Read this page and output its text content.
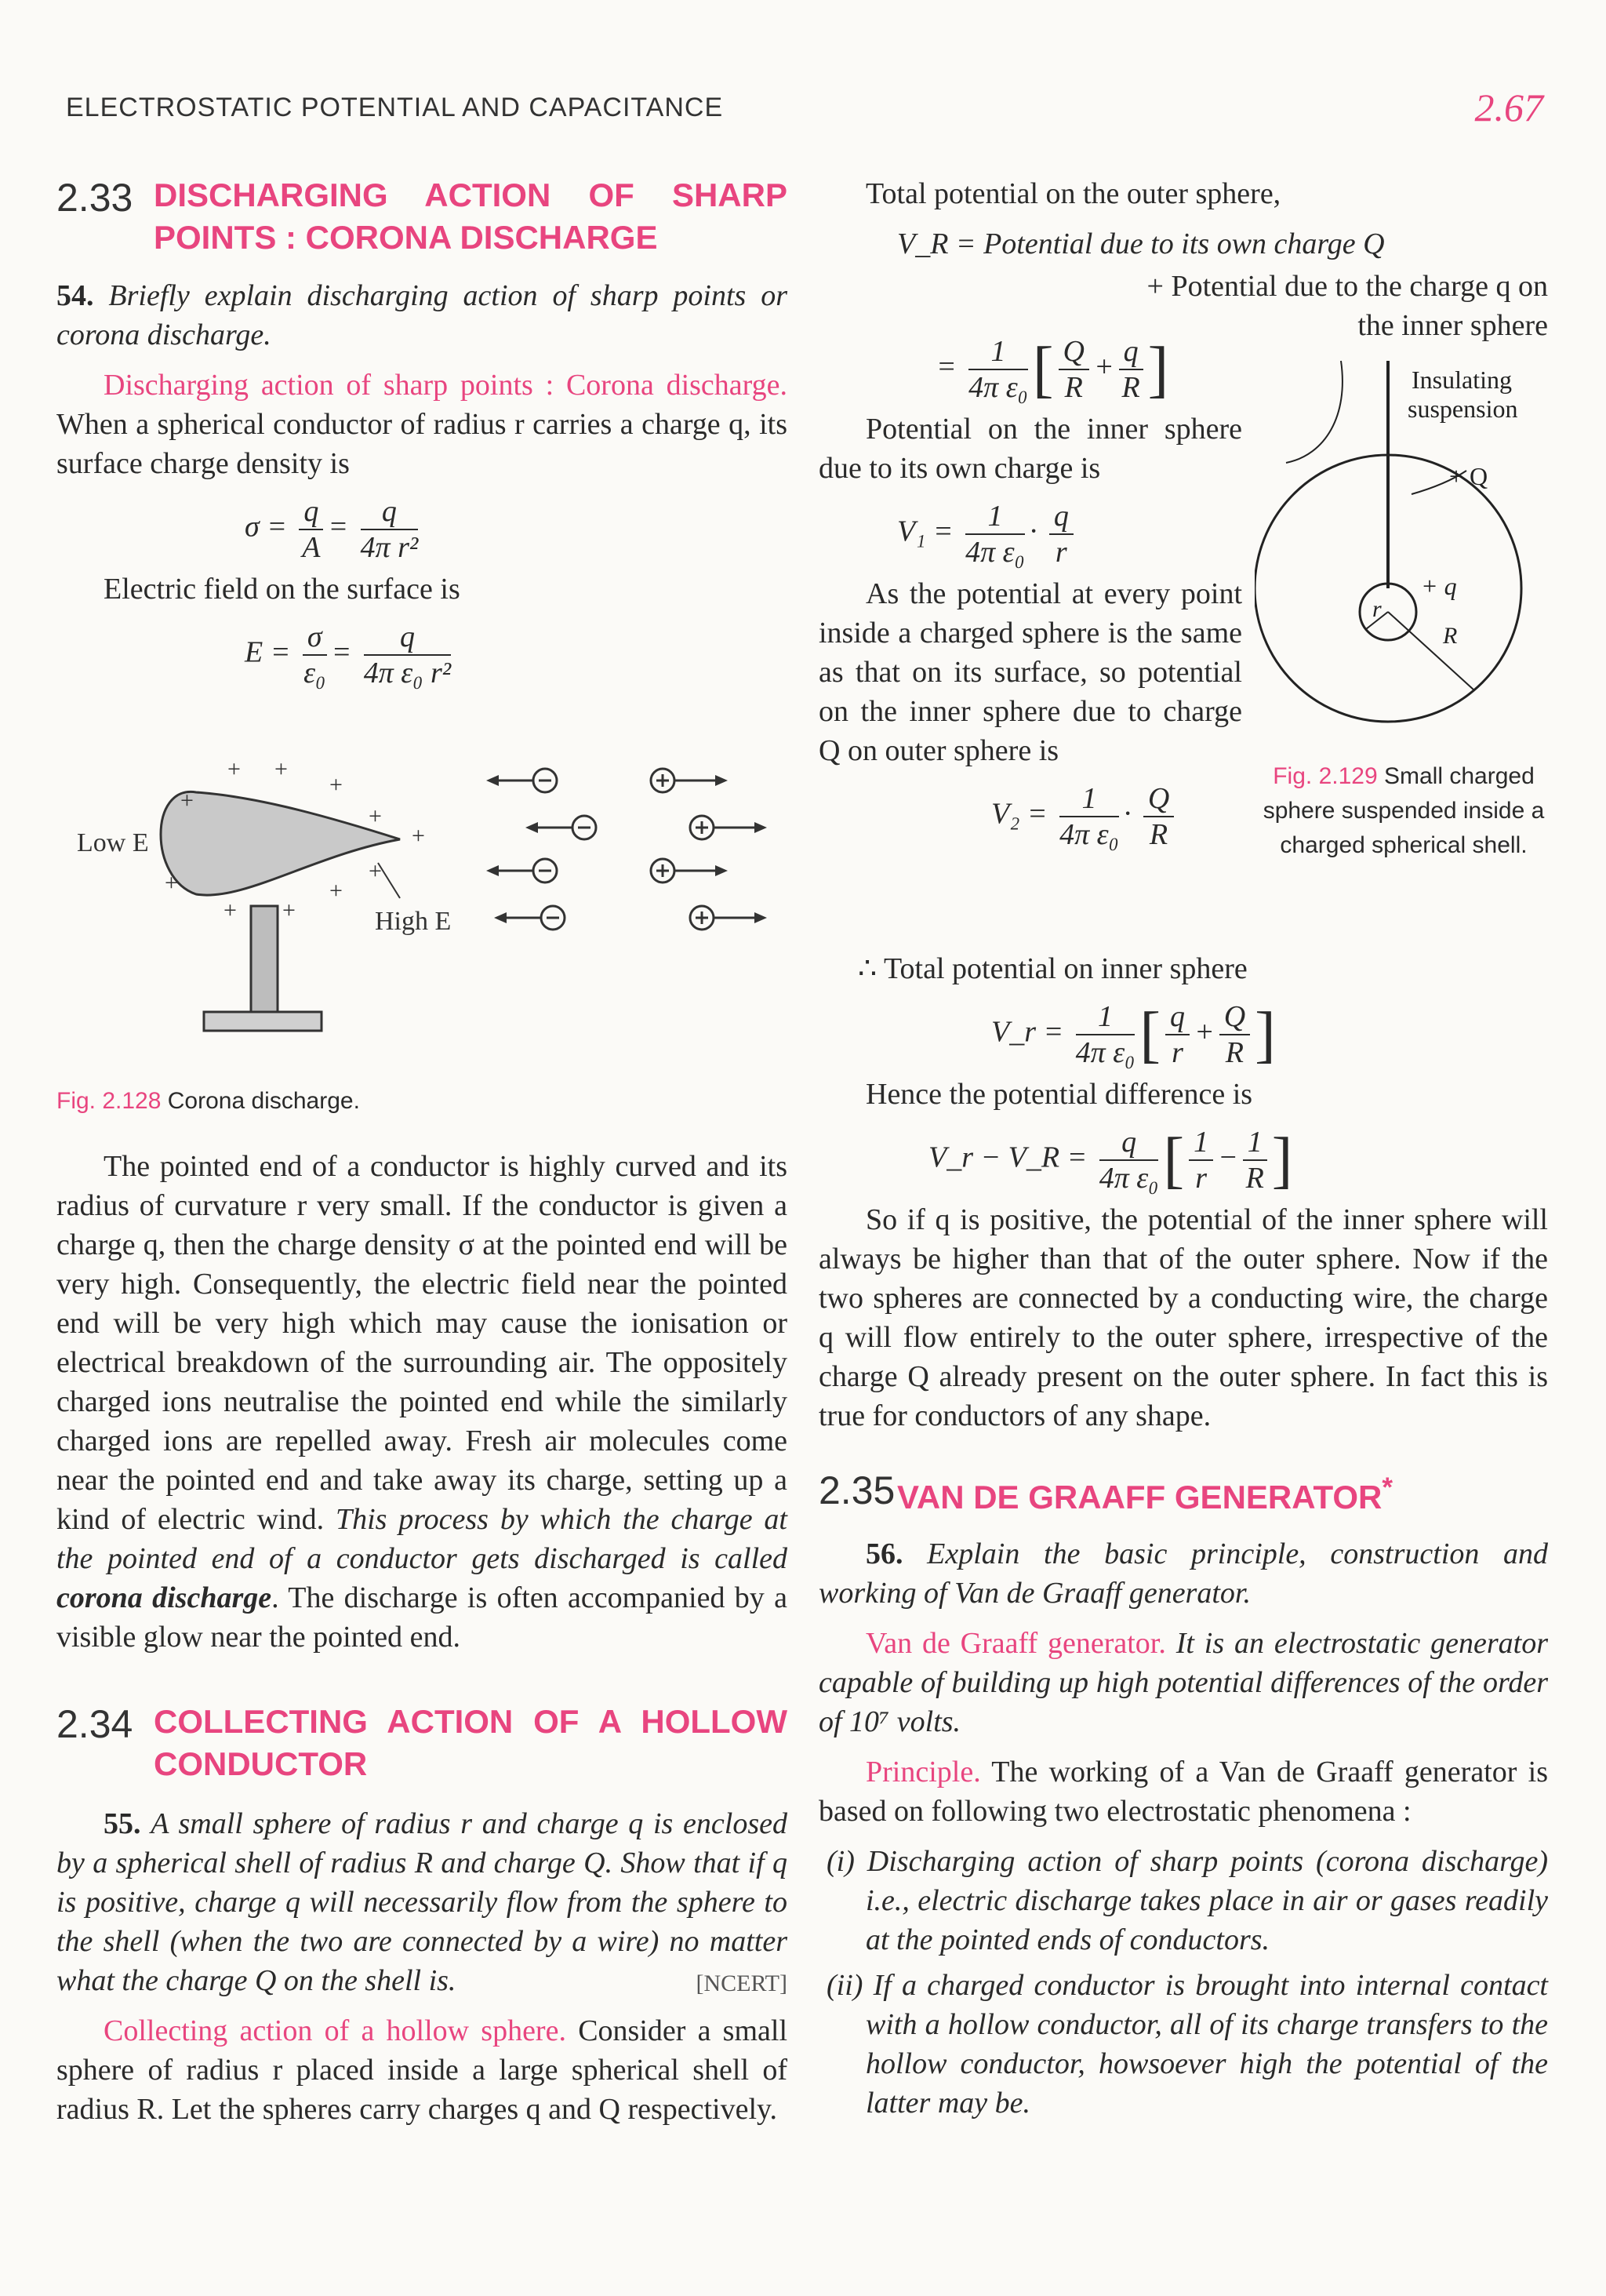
ELECTROSTATIC POTENTIAL AND CAPACITANCE	2.67
2.33 DISCHARGING ACTION OF SHARP POINTS : CORONA DISCHARGE

54. Briefly explain discharging action of sharp points or corona discharge.

Discharging action of sharp points : Corona discharge. When a spherical conductor of radius r carries a charge q, its surface charge density is

$\sigma = \frac{q}{A} = \frac{q}{\text{4π r²}}$

Electric field on the surface is

$E = \frac{\sigma}{\text{ε₀}} = \frac{q}{\text{4π ε₀ r²}}$
+ +
+
+
+
+
+	+
+
+ +
Low E
High E
Fig. 2.128 Corona discharge.

The pointed end of a conductor is highly curved and its radius of curvature r very small. If the conductor is given a charge q, then the charge density σ at the pointed end will be very high. Consequently, the electric field near the pointed end will be very high which may cause the ionisation or electrical breakdown of the surrounding air. The oppositely charged ions neutralise the pointed end while the similarly charged ions are repelled away. Fresh air molecules come near the pointed end and take away its charge, setting up a kind of electric wind. This process by which the charge at the pointed end of a conductor gets discharged is called corona discharge. The discharge is often accompanied by a visible glow near the pointed end.

2.34 COLLECTING ACTION OF A HOLLOW CONDUCTOR

55. A small sphere of radius r and charge q is enclosed by a spherical shell of radius R and charge Q. Show that if q is positive, charge q will necessarily flow from the sphere to the shell (when the two are connected by a wire) no matter what the charge Q on the shell is.	[NCERT]

Collecting action of a hollow sphere. Consider a small sphere of radius r placed inside a large spherical shell of radius R. Let the spheres carry charges q and Q respectively.

Total potential on the outer sphere,

V_R = Potential due to its own charge Q

+ Potential due to the charge q on

the inner sphere

= $\frac{1}{\text{4π ε₀}}$ [ $\frac{Q}{R} + \frac{q}{R}$ ]

Potential on the inner sphere due to its own charge is

$V_1 = \frac{1}{\text{4π ε₀}} \cdot \frac{q}{r}$

As the potential at every point inside a charged sphere is the same as that on its surface, so potential on the inner sphere due to charge Q on outer sphere is

$V_2 = \frac{1}{\text{4π ε₀}} \cdot \frac{Q}{R}$
Insulating
suspension
+ Q
+ q
r
R
Fig. 2.129 Small charged sphere suspended inside a charged spherical shell.

∴ Total potential on inner sphere

V_r = $\frac{1}{\text{4π ε₀}}$ [ $\frac{q}{r} + \frac{Q}{R}$ ]

Hence the potential difference is

V_r − V_R = $\frac{q}{\text{4π ε₀}}$ [ $\frac{1}{r} - \frac{1}{R}$ ]

So if q is positive, the potential of the inner sphere will always be higher than that of the outer sphere. Now if the two spheres are connected by a conducting wire, the charge q will flow entirely to the outer sphere, irrespective of the charge Q already present on the outer sphere. In fact this is true for conductors of any shape.

2.35 VAN DE GRAAFF GENERATOR*

56. Explain the basic principle, construction and working of Van de Graaff generator.

Van de Graaff generator. It is an electrostatic generator capable of building up high potential differences of the order of 10⁷ volts.

Principle. The working of a Van de Graaff generator is based on following two electrostatic phenomena :

(i) Discharging action of sharp points (corona discharge) i.e., electric discharge takes place in air or gases readily at the pointed ends of conductors.
(ii) If a charged conductor is brought into internal contact with a hollow conductor, all of its charge transfers to the hollow conductor, howsoever high the potential of the latter may be.
